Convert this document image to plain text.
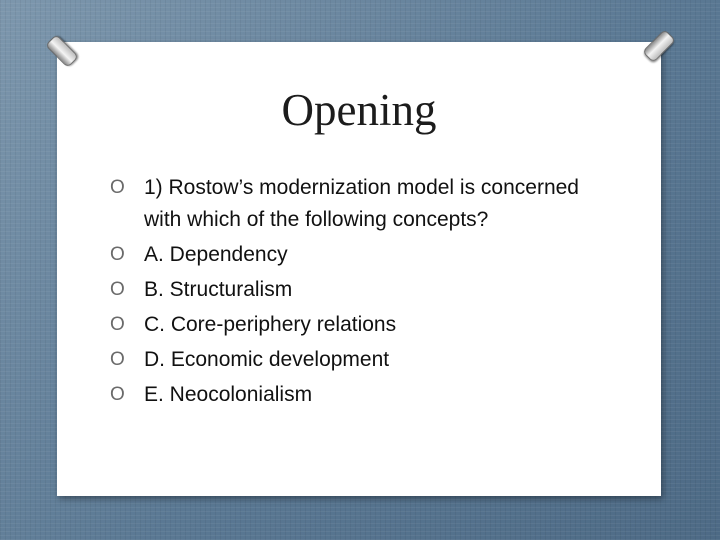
Opening
O 1) Rostow’s modernization model is concerned with which of the following concepts?
O A. Dependency
O B. Structuralism
O C. Core-periphery relations
O D. Economic development
O E. Neocolonialism
